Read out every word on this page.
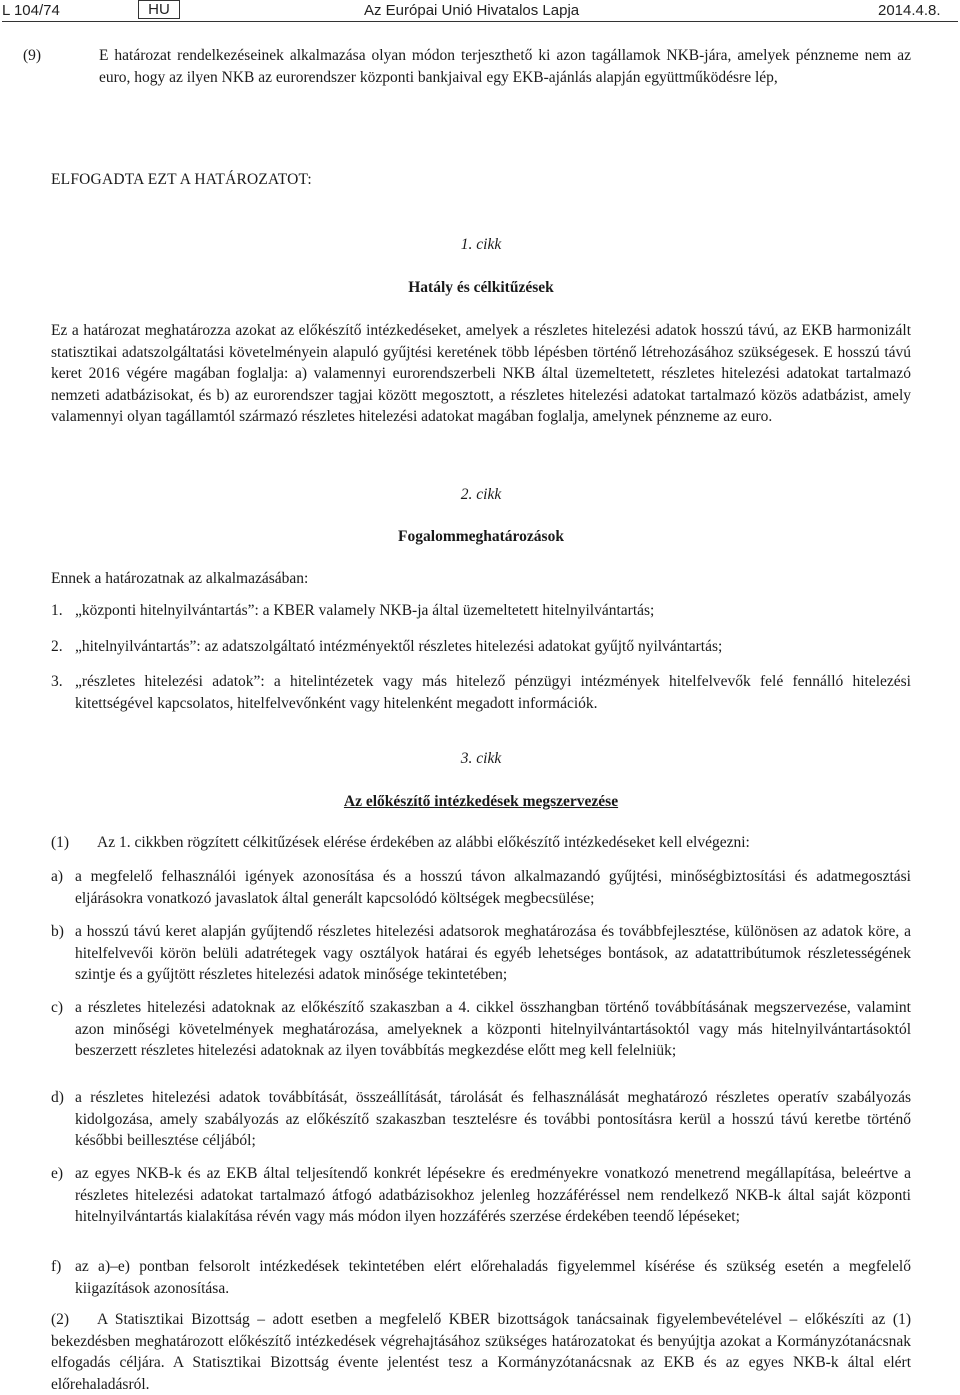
L 104/74	HU	Az Európai Unió Hivatalos Lapja	2014.4.8.
(9)	E határozat rendelkezéseinek alkalmazása olyan módon terjeszthető ki azon tagállamok NKB-jára, amelyek pénzneme nem az euro, hogy az ilyen NKB az eurorendszer központi bankjaival egy EKB-ajánlás alapján együttműködésre lép,
ELFOGADTA EZT A HATÁROZATOT:
1. cikk
Hatály és célkitűzések
Ez a határozat meghatározza azokat az előkészítő intézkedéseket, amelyek a részletes hitelezési adatok hosszú távú, az EKB harmonizált statisztikai adatszolgáltatási követelményein alapuló gyűjtési keretének több lépésben történő létrehozásához szükségesek. E hosszú távú keret 2016 végére magában foglalja: a) valamennyi eurorendszerbeli NKB által üzemeltetett, részletes hitelezési adatokat tartalmazó nemzeti adatbázisokat, és b) az eurorendszer tagjai között megosztott, a részletes hitelezési adatokat tartalmazó közös adatbázist, amely valamennyi olyan tagállamtól származó részletes hitelezési adatokat magában foglalja, amelynek pénzneme az euro.
2. cikk
Fogalommeghatározások
Ennek a határozatnak az alkalmazásában:
1. „központi hitelnyilvántartás”: a KBER valamely NKB-ja által üzemeltetett hitelnyilvántartás;
2. „hitelnyilvántartás”: az adatszolgáltató intézményektől részletes hitelezési adatokat gyűjtő nyilvántartás;
3. „részletes hitelezési adatok”: a hitelintézetek vagy más hitelező pénzügyi intézmények hitelfelvevők felé fennálló hitelezési kitettségével kapcsolatos, hitelfelvevőnként vagy hitelenként megadott információk.
3. cikk
Az előkészítő intézkedések megszervezése
(1) Az 1. cikkben rögzített célkitűzések elérése érdekében az alábbi előkészítő intézkedéseket kell elvégezni:
a) a megfelelő felhasználói igények azonosítása és a hosszú távon alkalmazandó gyűjtési, minőségbiztosítási és adatmegosztási eljárásokra vonatkozó javaslatok által generált kapcsolódó költségek megbecsülése;
b) a hosszú távú keret alapján gyűjtendő részletes hitelezési adatsorok meghatározása és továbbfejlesztése, különösen az adatok köre, a hitelfelvevői körön belüli adatrétegek vagy osztályok határai és egyéb lehetséges bontások, az adatattribútumok részletességének szintje és a gyűjtött részletes hitelezési adatok minősége tekintetében;
c) a részletes hitelezési adatoknak az előkészítő szakaszban a 4. cikkel összhangban történő továbbításának megszervezése, valamint azon minőségi követelmények meghatározása, amelyeknek a központi hitelnyilvántartásoktól vagy más hitelnyilvántartásoktól beszerzett részletes hitelezési adatoknak az ilyen továbbítás megkezdése előtt meg kell felelniük;
d) a részletes hitelezési adatok továbbítását, összeállítását, tárolását és felhasználását meghatározó részletes operatív szabályozás kidolgozása, amely szabályozás az előkészítő szakaszban tesztelésre és további pontosításra kerül a hosszú távú keretbe történő későbbi beillesztése céljából;
e) az egyes NKB-k és az EKB által teljesítendő konkrét lépésekre és eredményekre vonatkozó menetrend megállapítása, beleértve a részletes hitelezési adatokat tartalmazó átfogó adatbázisokhoz jelenleg hozzáféréssel nem rendelkező NKB-k által saját központi hitelnyilvántartás kialakítása révén vagy más módon ilyen hozzáférés szerzése érdekében teendő lépéseket;
f) az a)–e) pontban felsorolt intézkedések tekintetében elért előrehaladás figyelemmel kísérése és szükség esetén a megfelelő kiigazítások azonosítása.
(2)	A Statisztikai Bizottság – adott esetben a megfelelő KBER bizottságok tanácsainak figyelembevételével – előkészíti az (1) bekezdésben meghatározott előkészítő intézkedések végrehajtásához szükséges határozatokat és benyújtja azokat a Kormányzótanácsnak elfogadás céljára. A Statisztikai Bizottság évente jelentést tesz a Kormányzótanácsnak az EKB és az egyes NKB-k által elért előrehaladásról.
